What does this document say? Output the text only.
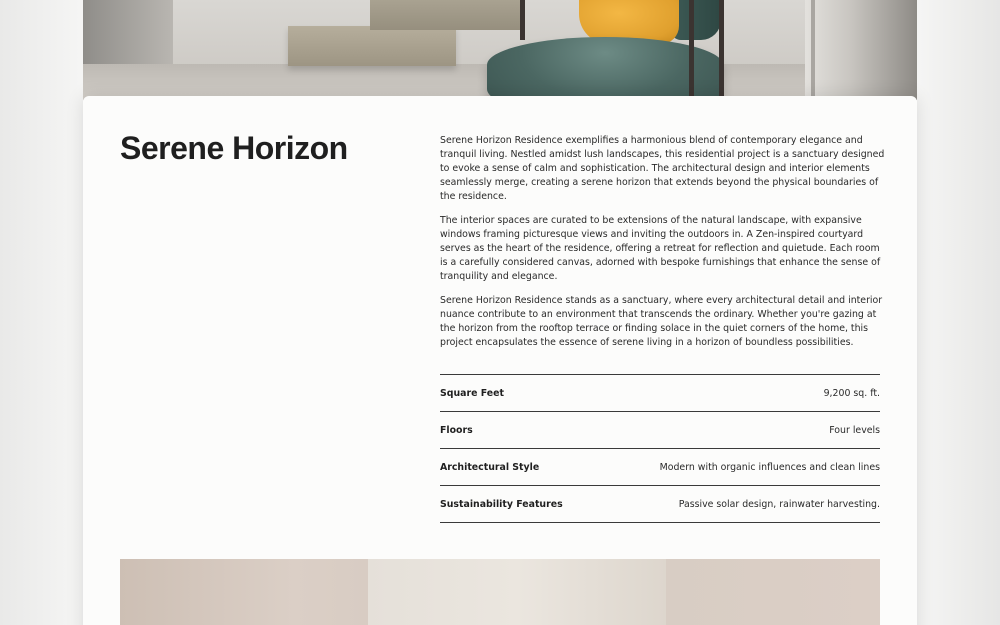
Serene Horizon	Serene Horizon Residence exemplifies a harmonious blend of contemporary elegance and tranquil living. Nestled amidst lush landscapes, this residential project is a sanctuary designed to evoke a sense of calm and sophistication. The architectural design and interior elements seamlessly merge, creating a serene horizon that extends beyond the physical boundaries of the residence.

The interior spaces are curated to be extensions of the natural landscape, with expansive windows framing picturesque views and inviting the outdoors in. A Zen-inspired courtyard serves as the heart of the residence, offering a retreat for reflection and quietude. Each room is a carefully considered canvas, adorned with bespoke furnishings that enhance the sense of tranquility and elegance.

Serene Horizon Residence stands as a sanctuary, where every architectural detail and interior nuance contribute to an environment that transcends the ordinary. Whether you're gazing at the horizon from the rooftop terrace or finding solace in the quiet corners of the home, this project encapsulates the essence of serene living in a horizon of boundless possibilities.

Square Feet	9,200 sq. ft.
Floors	Four levels
Architectural Style	Modern with organic influences and clean lines
Sustainability Features	Passive solar design, rainwater harvesting.
